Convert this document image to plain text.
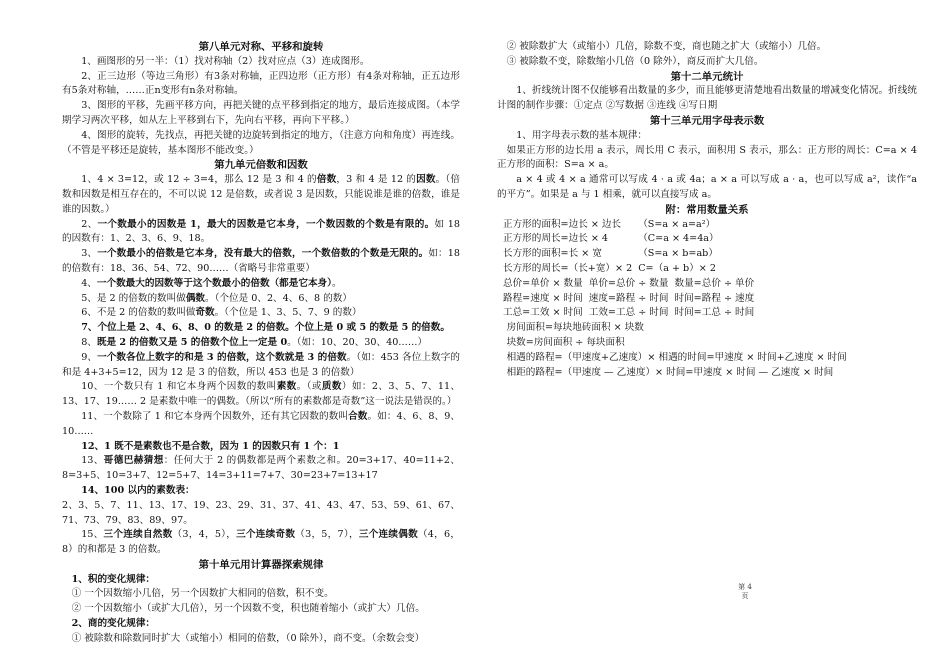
第八单元对称、平移和旋转
1、画图形的另一半：（1）找对称轴（2）找对应点（3）连成图形。
2、正三边形（等边三角形）有3条对称轴，正四边形（正方形）有4条对称轴，正五边形有5条对称轴，……正n变形有n条对称轴。
3、图形的平移，先画平移方向，再把关键的点平移到指定的地方，最后连接成图。（本学期学习两次平移，如从左上平移到右下，先向右平移，再向下平移。）
4、图形的旋转，先找点，再把关键的边旋转到指定的地方，（注意方向和角度）再连线。（不管是平移还是旋转，基本图形不能改变。）
第九单元倍数和因数
1、4 × 3=12，或 12 ÷ 3=4，那么 12 是 3 和 4 的倍数，3 和 4 是 12 的因数。（倍数和因数是相互存在的，不可以说 12 是倍数，或者说 3 是因数，只能说谁是谁的倍数，谁是谁的因数。）
2、一个数最小的因数是 1，最大的因数是它本身，一个数因数的个数是有限的。如 18 的因数有：1、2、3、6、9、18。
3、一个数最小的倍数是它本身，没有最大的倍数，一个数倍数的个数是无限的。如：18 的倍数有：18、36、54、72、90……（省略号非常重要）
4、一个数最大的因数等于这个数最小的倍数（都是它本身）。
5、是 2 的倍数的数叫做偶数。（个位是 0、2、4、6、8 的数）
6、不是 2 的倍数的数叫做奇数。（个位是 1、3、5、7、9 的数）
7、个位上是 2、4、6、8、0 的数是 2 的倍数。个位上是 0 或 5 的数是 5 的倍数。
8、既是 2 的倍数又是 5 的倍数个位上一定是 0。（如：10、20、30、40……）
9、一个数各位上数字的和是 3 的倍数，这个数就是 3 的倍数。（如：453 各位上数字的和是 4+3+5=12，因为 12 是 3 的倍数，所以 453 也是 3 的倍数）
10、一个数只有 1 和它本身两个因数的数叫素数。（或质数）如：2、3、5、7、11、13、17、19…… 2 是素数中唯一的偶数。（所以“所有的素数都是奇数”这一说法是错误的。）
11、一个数除了 1 和它本身两个因数外，还有其它因数的数叫合数。如：4、6、8、9、10……
12、1 既不是素数也不是合数，因为 1 的因数只有 1 个：1
13、哥德巴赫猜想：任何大于 2 的偶数都是两个素数之和。20=3+17、40=11+2、8=3+5、10=3+7、12=5+7、14=3+11=7+7、30=23+7=13+17
14、100 以内的素数表：
2、3、5、7、11、13、17、19、23、29、31、37、41、43、47、53、59、61、67、71、73、79、83、89、97。
15、三个连续自然数（3，4，5），三个连续奇数（3，5，7），三个连续偶数（4，6，8）的和都是 3 的倍数。
第十单元用计算器探索规律
1、积的变化规律：
① 一个因数缩小几倍，另一个因数扩大相同的倍数，积不变。
② 一个因数缩小（或扩大几倍），另一个因数不变，积也随着缩小（或扩大）几倍。
2、商的变化规律：
① 被除数和除数同时扩大（或缩小）相同的倍数，（0 除外），商不变。（余数会变）
② 被除数扩大（或缩小）几倍，除数不变，商也随之扩大（或缩小）几倍。
③ 被除数不变，除数缩小几倍（0 除外），商反而扩大几倍。
第十二单元统计
1、折线统计图不仅能够看出数量的多少，而且能够更清楚地看出数量的增减变化情况。折线统计图的制作步骤：①定点 ②写数据 ③连线 ④写日期
第十三单元用字母表示数
1、用字母表示数的基本规律：
如果正方形的边长用 a 表示，周长用 C 表示，面积用 S 表示，那么：正方形的周长：C=a × 4 正方形的面积：S=a × a。
a × 4 或 4 × a 通常可以写成 4 · a 或 4a；a × a 可以写成 a · a，也可以写成 a²，读作“a 的平方”。如果是 a 与 1 相乘，就可以直接写成 a。
附：常用数量关系
正方形的面积=边长 × 边长	（S=a × a=a²）
正方形的周长=边长 × 4	（C=a × 4=4a）
长方形的面积=长 × 宽	（S=a × b=ab）
长方形的周长=（长+宽）× 2	C=（a + b）× 2
总价=单价 × 数量	单价=总价 ÷ 数量	数量=总价 ÷ 单价
路程=速度 × 时间	速度=路程 ÷ 时间	时间=路程 ÷ 速度
工总=工效 × 时间	工效=工总 ÷ 时间	时间=工总 ÷ 时间
房间面积=每块地砖面积 × 块数
块数=房间面积 ÷ 每块面积
相遇的路程=（甲速度+乙速度）× 相遇的时间=甲速度 × 时间+乙速度 × 时间
相距的路程=（甲速度 — 乙速度）× 时间=甲速度 × 时间 — 乙速度 × 时间
第 4 页
